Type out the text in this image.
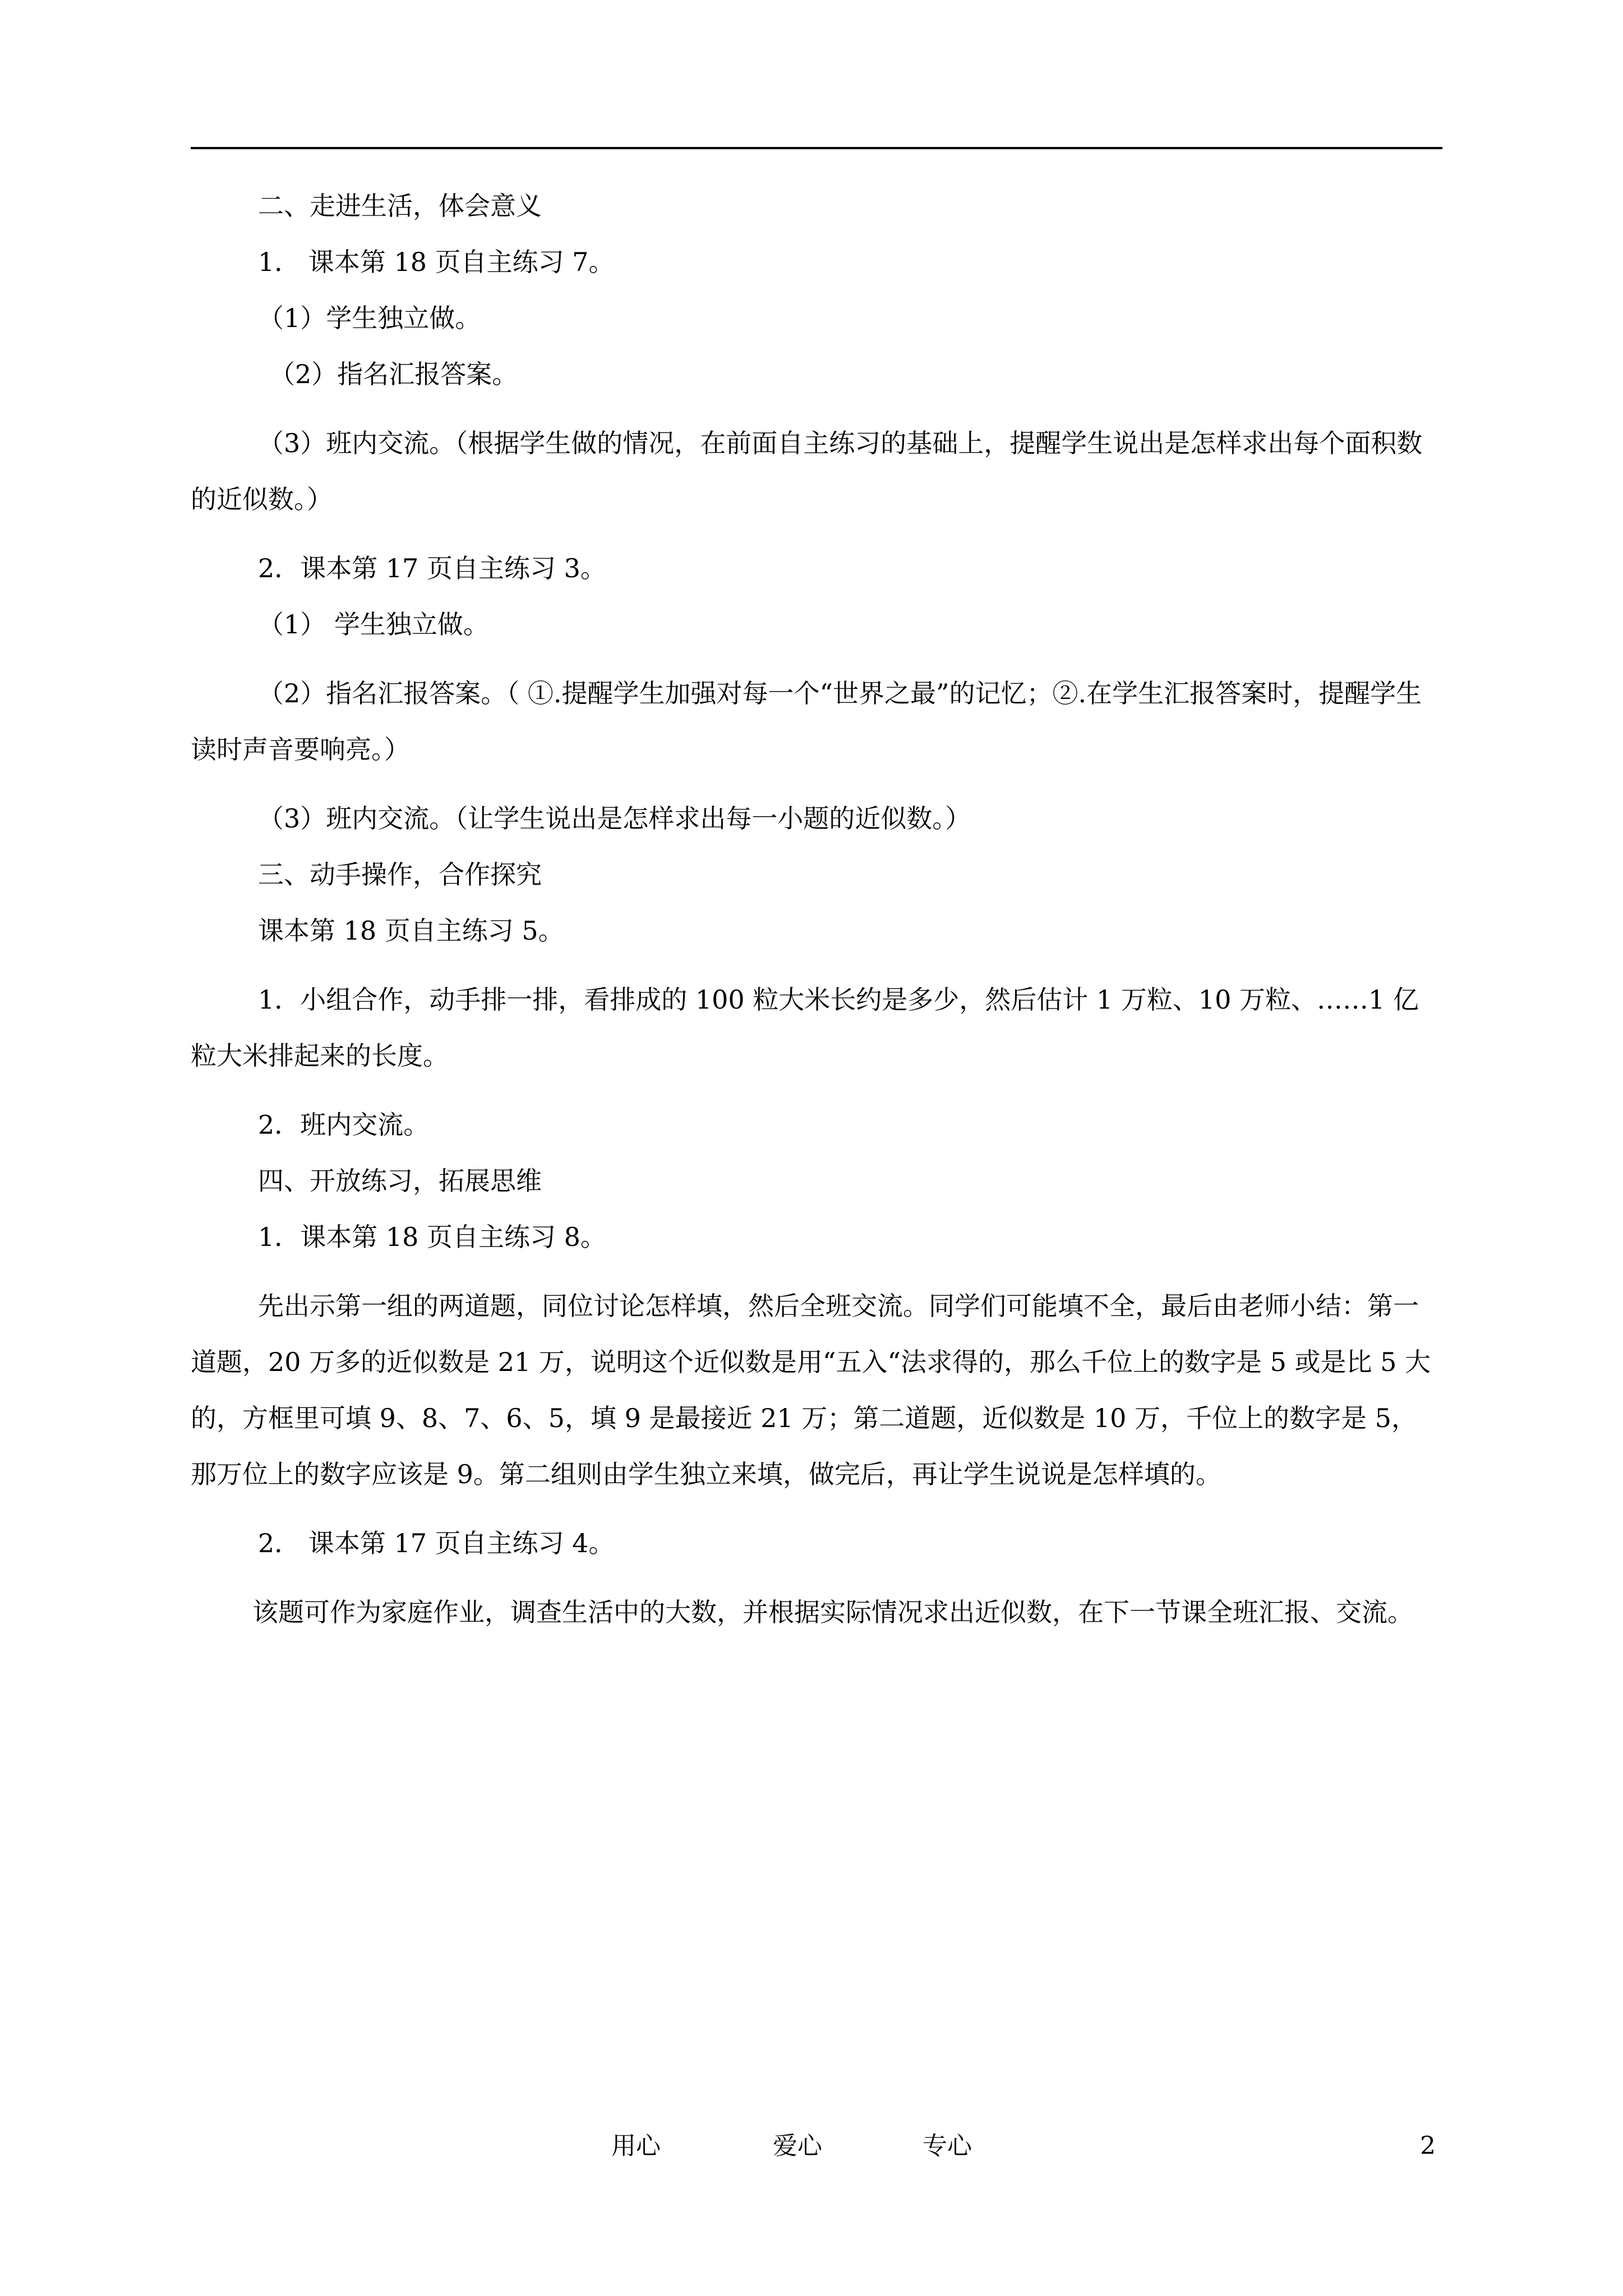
二、走进生活，体会意义

1． 课本第 18 页自主练习 7。

（1）学生独立做。

（2）指名汇报答案。

（3）班内交流。（根据学生做的情况，在前面自主练习的基础上，提醒学生说出是怎样求出每个面积数的近似数。）

2．课本第 17 页自主练习 3。

（1） 学生独立做。

（2）指名汇报答案。（ ①.提醒学生加强对每一个“世界之最”的记忆；②.在学生汇报答案时，提醒学生读时声音要响亮。）

（3）班内交流。（让学生说出是怎样求出每一小题的近似数。）

三、动手操作，合作探究

课本第 18 页自主练习 5。

1．小组合作，动手排一排，看排成的 100 粒大米长约是多少，然后估计 1 万粒、10 万粒、……1 亿粒大米排起来的长度。

2．班内交流。

四、开放练习，拓展思维

1．课本第 18 页自主练习 8。

先出示第一组的两道题，同位讨论怎样填，然后全班交流。同学们可能填不全，最后由老师小结：第一道题，20 万多的近似数是 21 万，说明这个近似数是用“五入“法求得的，那么千位上的数字是 5 或是比 5 大的，方框里可填 9、8、7、6、5，填 9 是最接近 21 万；第二道题，近似数是 10 万，千位上的数字是 5，那万位上的数字应该是 9。第二组则由学生独立来填，做完后，再让学生说说是怎样填的。

2． 课本第 17 页自主练习 4。

该题可作为家庭作业，调查生活中的大数，并根据实际情况求出近似数，在下一节课全班汇报、交流。

用心	爱心	专心	2
